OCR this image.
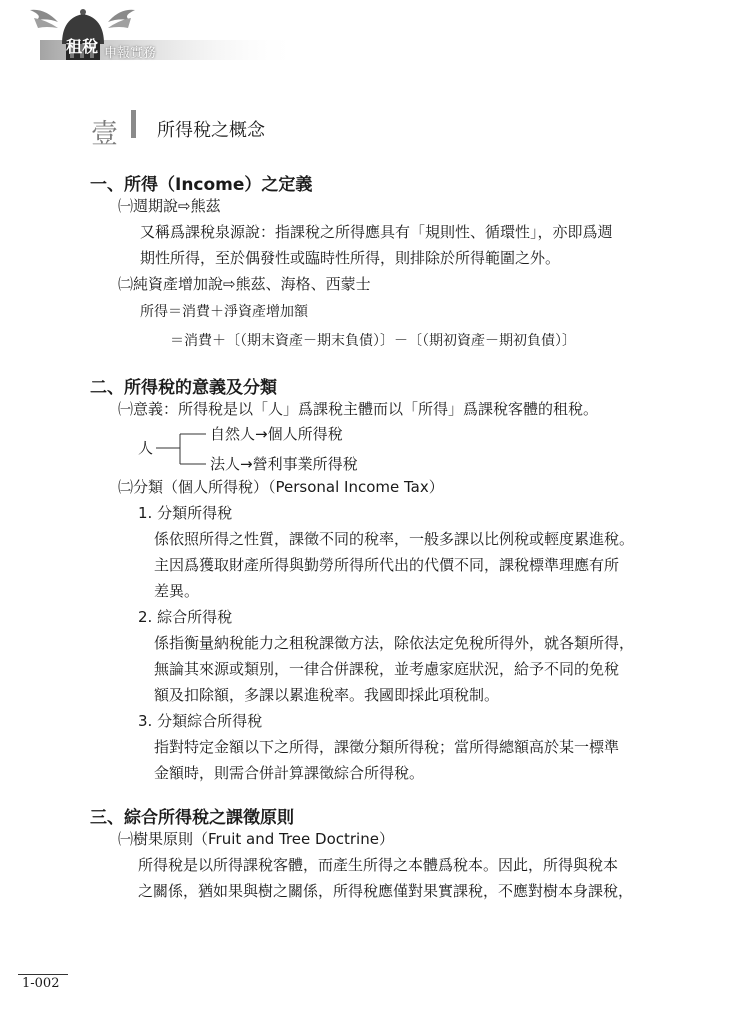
租稅 申報實務
壹 所得稅之概念
一、所得（Income）之定義
㈠週期說⇨熊茲
又稱爲課稅泉源說：指課稅之所得應具有「規則性、循環性」，亦即爲週
期性所得，至於偶發性或臨時性所得，則排除於所得範圍之外。
㈡純資產增加說⇨熊茲、海格、西蒙士
所得＝消費＋淨資產增加額
＝消費＋〔（期末資產－期末負債）〕－〔（期初資產－期初負債）〕
二、所得稅的意義及分類
㈠意義：所得稅是以「人」爲課稅主體而以「所得」爲課稅客體的租稅。
人
自然人→個人所得稅
法人→營利事業所得稅
㈡分類（個人所得稅）（Personal Income Tax）
1. 分類所得稅
係依照所得之性質，課徵不同的稅率，一般多課以比例稅或輕度累進稅。
主因爲獲取財產所得與勤勞所得所代出的代價不同，課稅標準理應有所
差異。
2. 綜合所得稅
係指衡量納稅能力之租稅課徵方法，除依法定免稅所得外，就各類所得，
無論其來源或類別，一律合併課稅，並考慮家庭狀況，給予不同的免稅
額及扣除額，多課以累進稅率。我國即採此項稅制。
3. 分類綜合所得稅
指對特定金額以下之所得，課徵分類所得稅；當所得總額高於某一標準
金額時，則需合併計算課徵綜合所得稅。
三、綜合所得稅之課徵原則
㈠樹果原則（Fruit and Tree Doctrine）
所得稅是以所得課稅客體，而產生所得之本體爲稅本。因此，所得與稅本
之關係，猶如果與樹之關係，所得稅應僅對果實課稅，不應對樹本身課稅，
1-002
